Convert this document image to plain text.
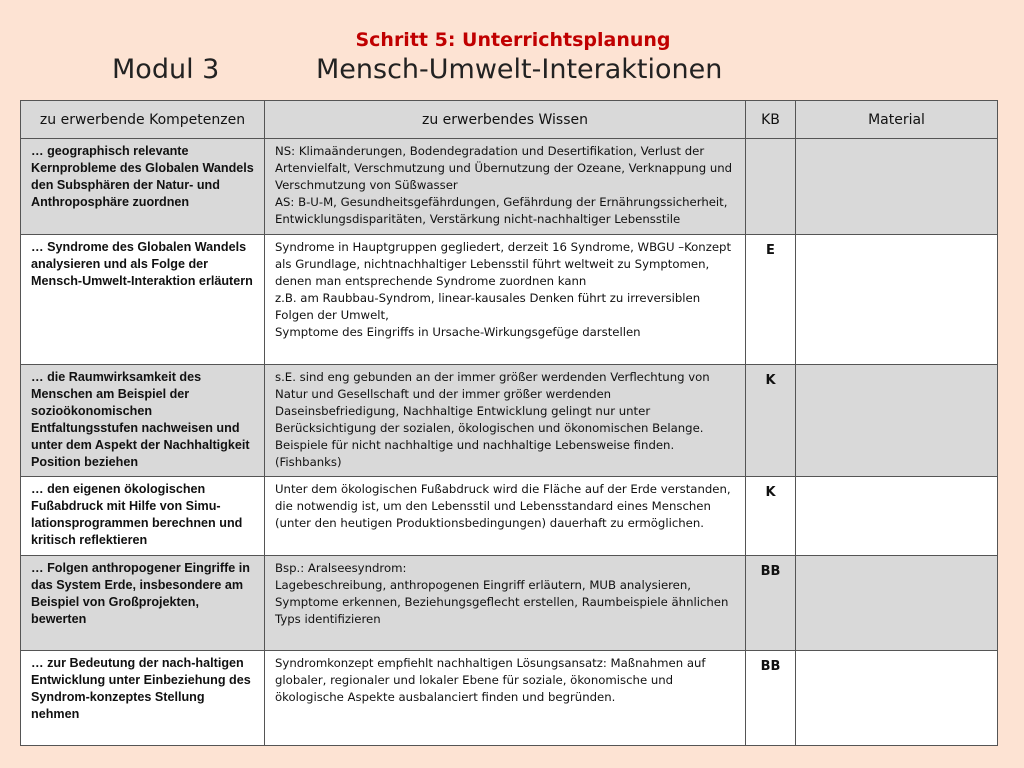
Schritt 5: Unterrichtsplanung
Modul 3	Mensch-Umwelt-Interaktionen
zu erwerbende Kompetenzen	zu erwerbendes Wissen	KB	Material
… geographisch relevante Kernprobleme des Globalen Wandels den Subsphären der Natur- und Anthroposphäre zuordnen	NS: Klimaänderungen, Bodendegradation und Desertifikation, Verlust der Artenvielfalt, Verschmutzung und Übernutzung der Ozeane, Verknappung und Verschmutzung von Süßwasser
AS: B-U-M, Gesundheitsgefährdungen, Gefährdung der Ernährungssicherheit, Entwicklungsdisparitäten, Verstärkung nicht-nachhaltiger Lebensstile		
… Syndrome des Globalen Wandels analysieren und als Folge der Mensch-Umwelt-Interaktion erläutern	Syndrome in Hauptgruppen gegliedert, derzeit 16 Syndrome, WBGU –Konzept als Grundlage, nichtnachhaltiger Lebensstil führt weltweit zu Symptomen, denen man entsprechende Syndrome zuordnen kann
z.B. am Raubbau-Syndrom, linear-kausales Denken führt zu irreversiblen Folgen der Umwelt,
Symptome des Eingriffs in Ursache-Wirkungsgefüge darstellen	E	
… die Raumwirksamkeit des Menschen am Beispiel der sozioökonomischen Entfaltungsstufen nachweisen und unter dem Aspekt der Nachhaltigkeit Position beziehen	s.E. sind eng gebunden an der immer größer werdenden Verflechtung von Natur und Gesellschaft und der immer größer werdenden Daseinsbefriedigung, Nachhaltige Entwicklung gelingt nur unter Berücksichtigung der sozialen, ökologischen und ökonomischen Belange.
Beispiele für nicht nachhaltige und nachhaltige Lebensweise finden.
(Fishbanks)	K	
… den eigenen ökologischen Fußabdruck mit Hilfe von Simu-lationsprogrammen berechnen und kritisch reflektieren	Unter dem ökologischen Fußabdruck wird die Fläche auf der Erde verstanden, die notwendig ist, um den Lebensstil und Lebensstandard eines Menschen (unter den heutigen Produktionsbedingungen) dauerhaft zu ermöglichen.	K	
… Folgen anthropogener Eingriffe in das System Erde, insbesondere am Beispiel von Großprojekten, bewerten	Bsp.: Aralseesyndrom:
Lagebeschreibung, anthropogenen Eingriff erläutern, MUB analysieren, Symptome erkennen, Beziehungsgeflecht erstellen, Raumbeispiele ähnlichen Typs identifizieren	BB	
… zur Bedeutung der nach-haltigen Entwicklung unter Einbeziehung des Syndrom-konzeptes Stellung nehmen	Syndromkonzept empfiehlt nachhaltigen Lösungsansatz: Maßnahmen auf globaler, regionaler und lokaler Ebene für soziale, ökonomische und ökologische Aspekte ausbalanciert finden und begründen.	BB	
